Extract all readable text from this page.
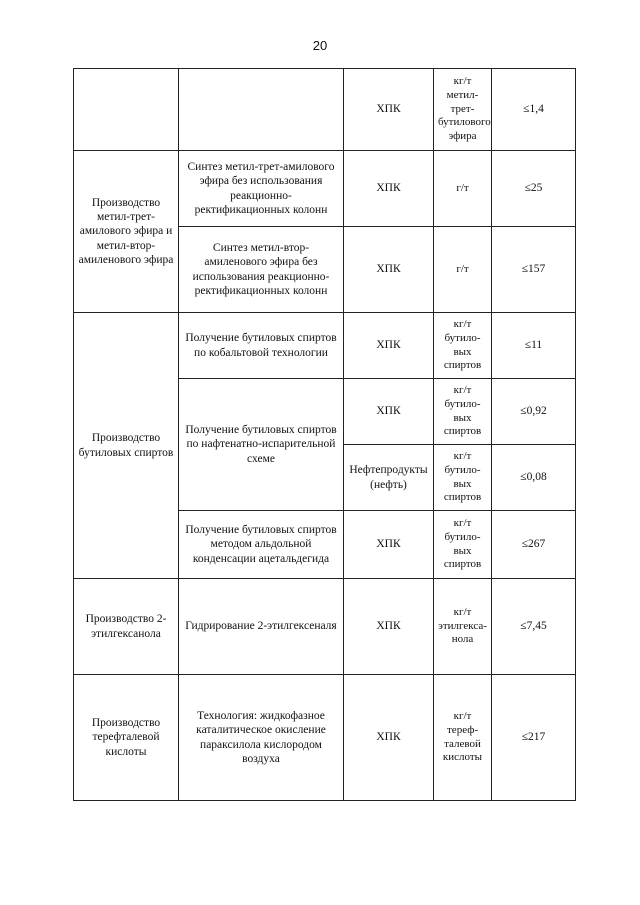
20
		ХПК	кг/т метил-трет-бутилового эфира	≤1,4
Производство метил-трет-амилового эфира и метил-втор-амиленового эфира	Синтез метил-трет-амилового эфира без использования реакционно-ректификационных колонн	ХПК	г/т	≤25
	Синтез метил-втор-амиленового эфира без использования реакционно-ректификационных колонн	ХПК	г/т	≤157
Производство бутиловых спиртов	Получение бутиловых спиртов по кобальтовой технологии	ХПК	кг/т бутило-вых спиртов	≤11
	Получение бутиловых спиртов по нафтенатно-испарительной схеме	ХПК	кг/т бутило-вых спиртов	≤0,92
		Нефтепродукты (нефть)	кг/т бутило-вых спиртов	≤0,08
	Получение бутиловых спиртов методом альдольной конденсации ацетальдегида	ХПК	кг/т бутило-вых спиртов	≤267
Производство 2-этилгексанола	Гидрирование 2-этилгексеналя	ХПК	кг/т этилгекса-нола	≤7,45
Производство терефталевой кислоты	Технология: жидкофазное каталитическое окисление параксилола кислородом воздуха	ХПК	кг/т тереф-талевой кислоты	≤217
